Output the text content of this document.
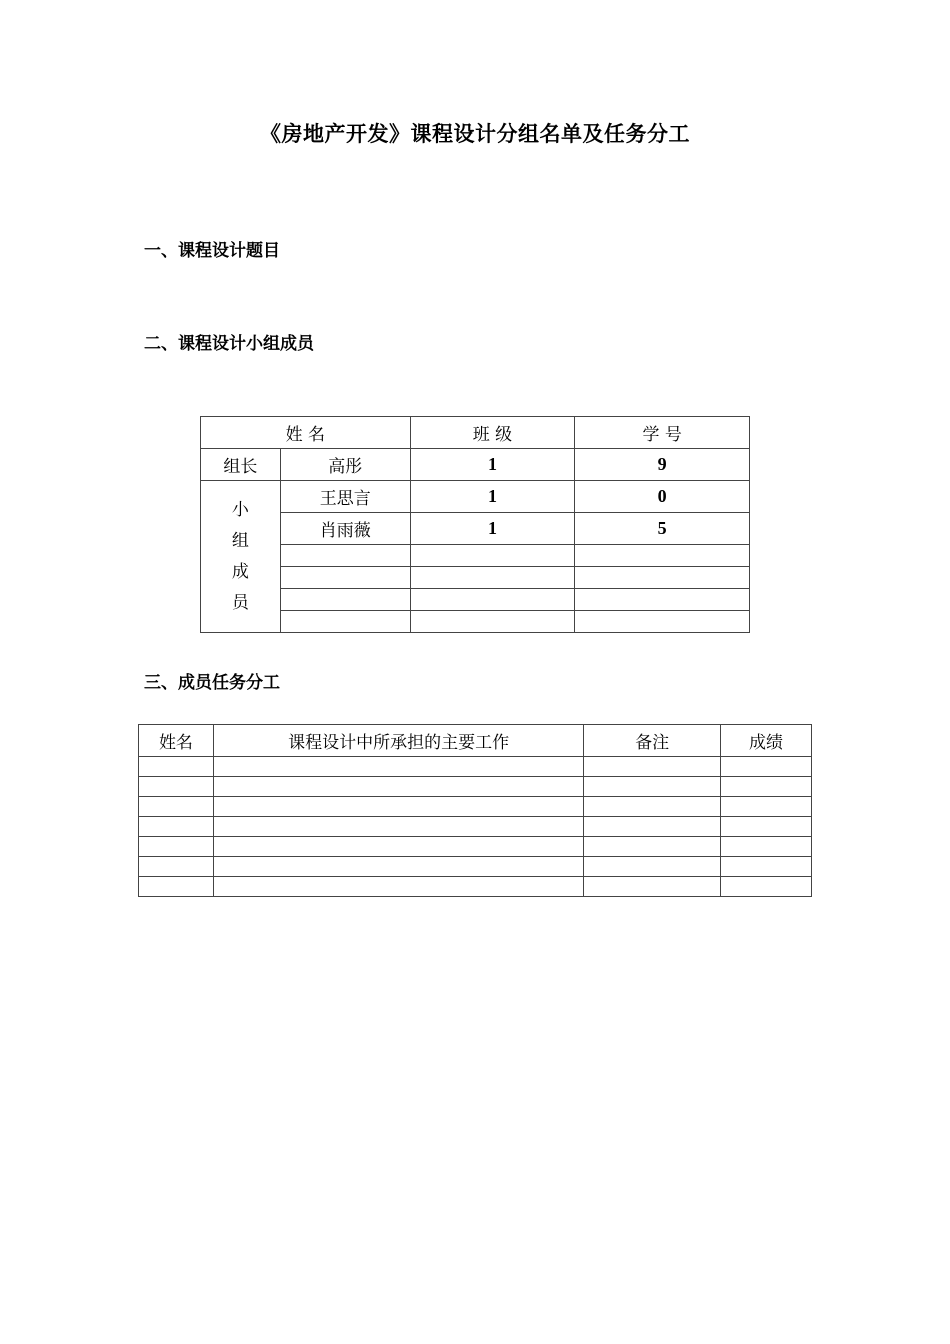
《房地产开发》课程设计分组名单及任务分工
一、课程设计题目
二、课程设计小组成员
三、成员任务分工
姓 名		班 级	学 号
组长	高彤	1	9

小
组
成
员	王思言	1	0
	肖雨薇	1	5

姓名	课程设计中所承担的主要工作	备注	成绩
